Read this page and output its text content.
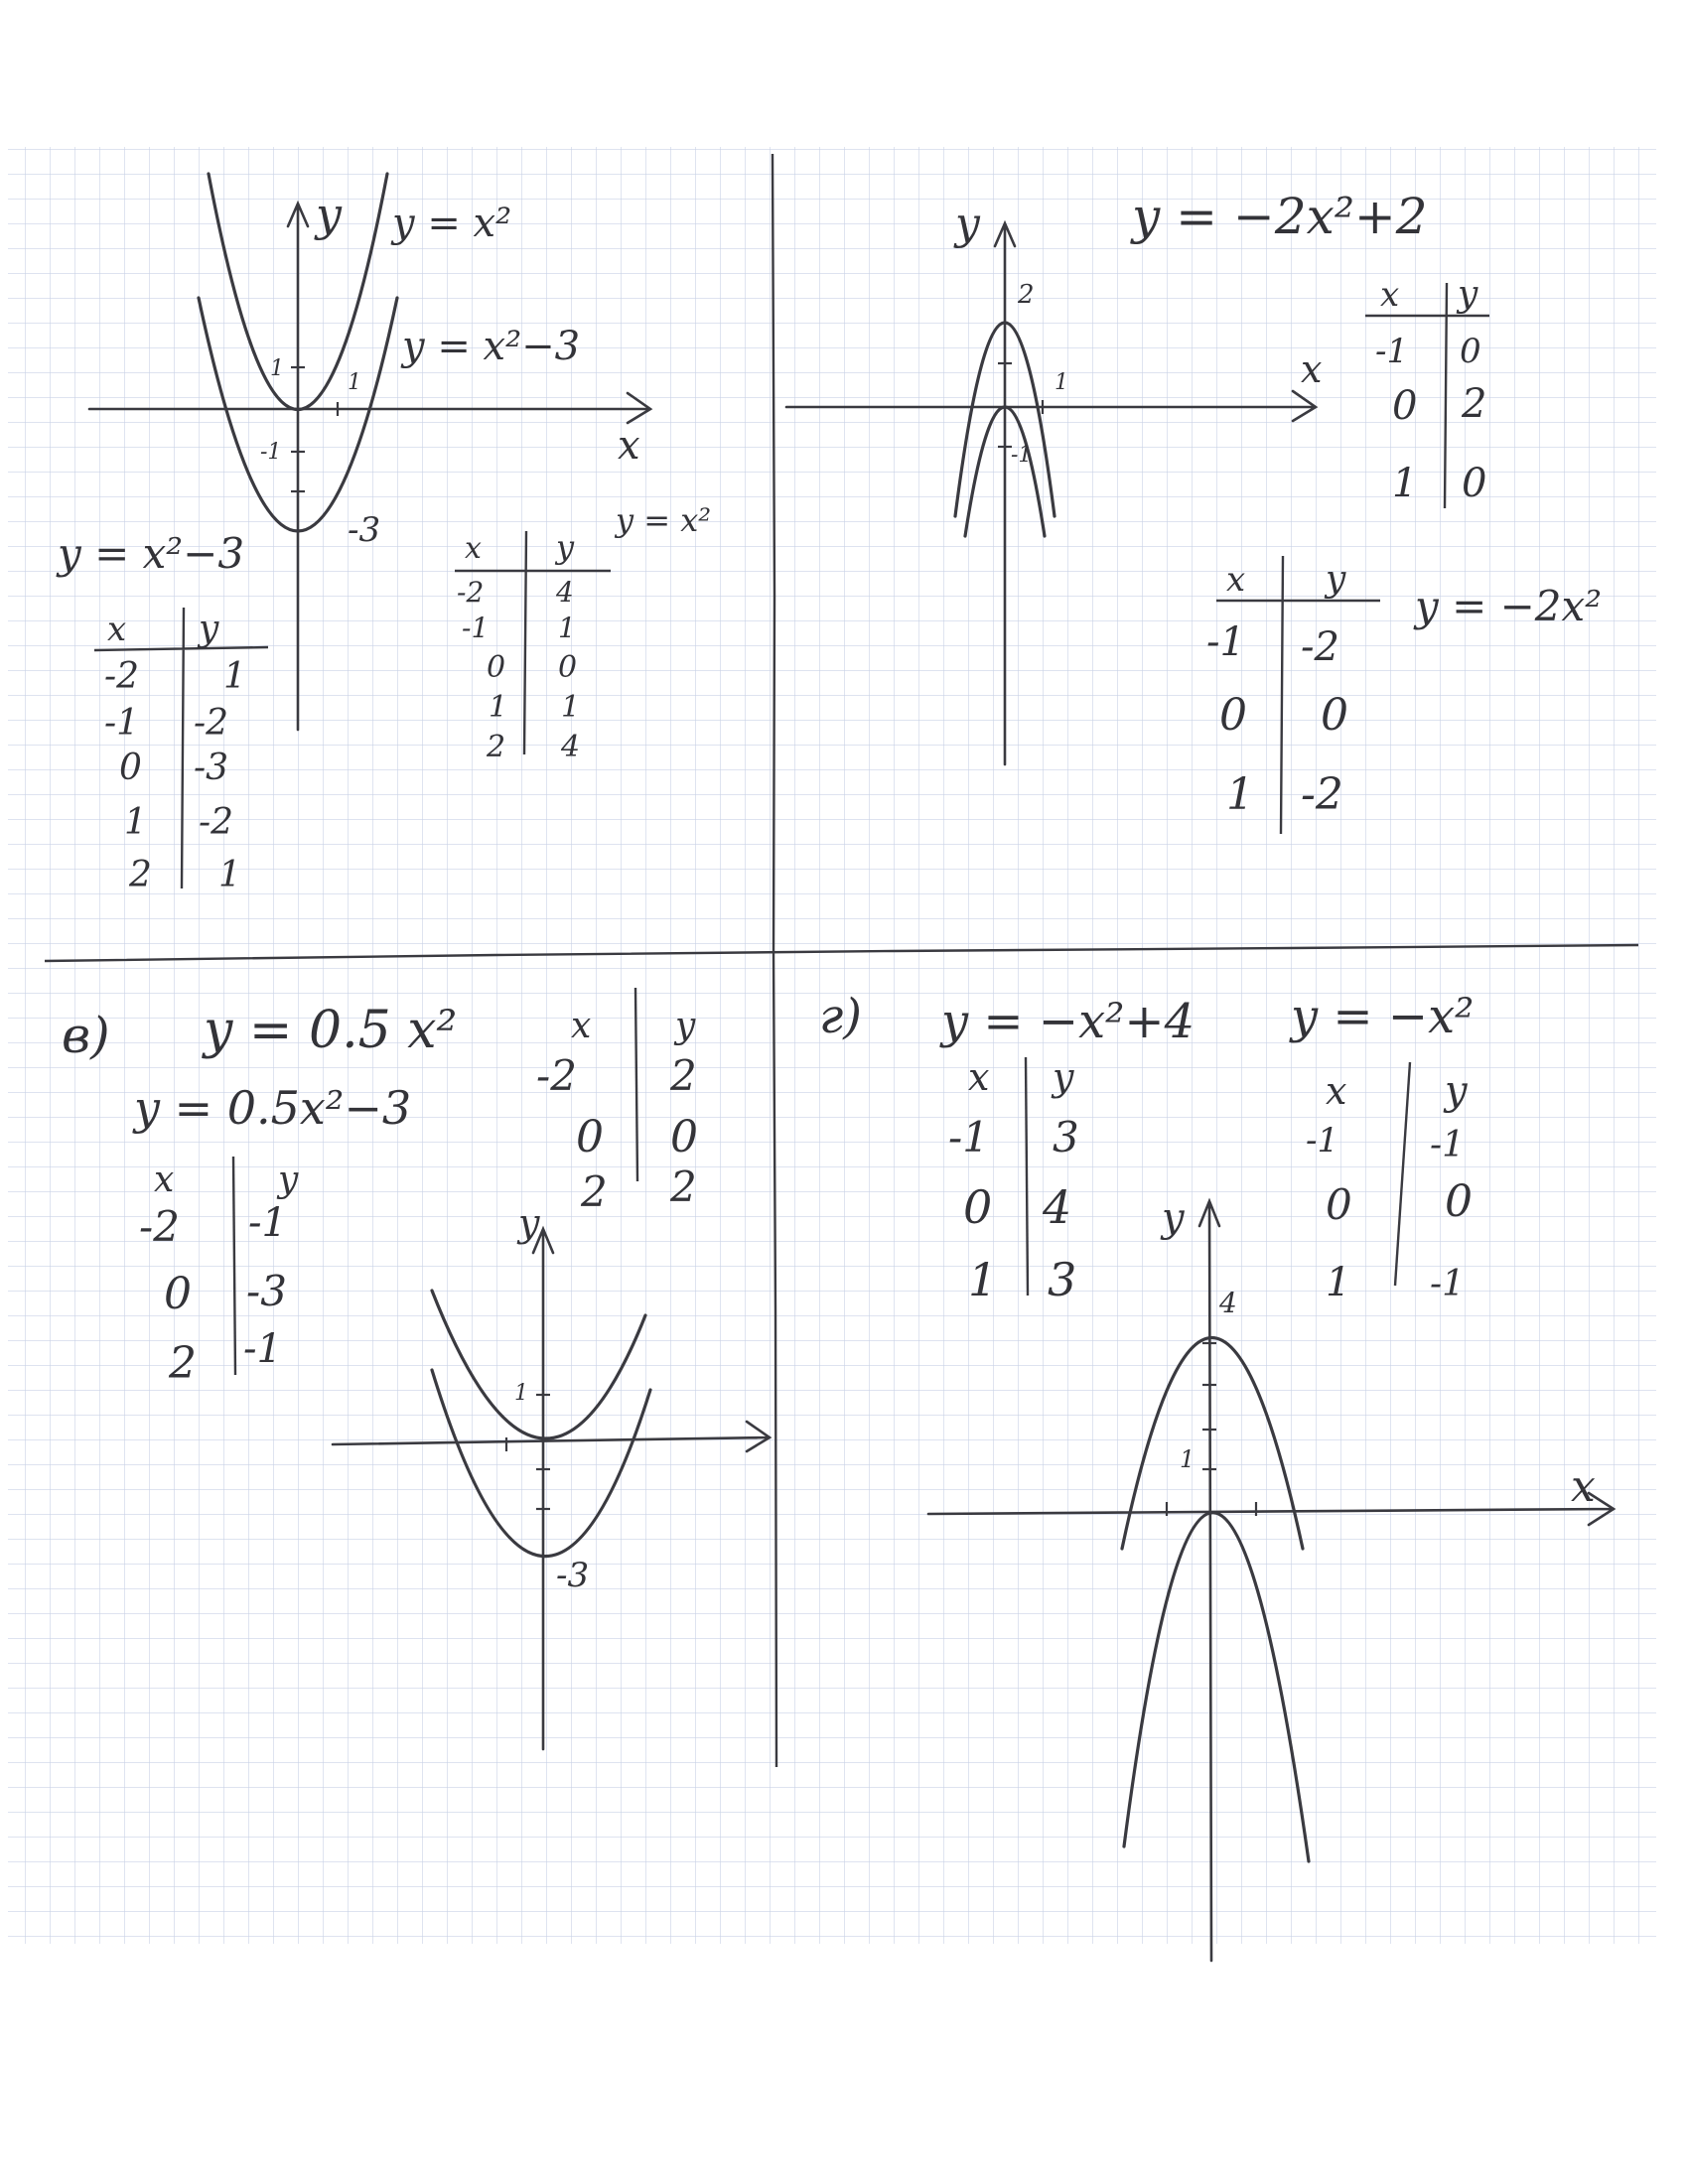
y
x
1
-1
1
-3
y = x²
y = x²−3
y = x²−3
x y
-2 1
-1 -2
0 -3
1 -2
2 1
y = x²
x y
-2	4
-1 1
0 0
1 1
2 4
y = −2x²+2
y
x
2
1
-1
x y
-1 0
0 2
1 0
y = −2x²
x y
-1 -2
0 0
1 -2
в) y = 0.5 x²
y = 0.5x²−3
x	y
-2 -1
0 -3
2 -1
x y
-2 2
0 0
2 2
y
1
-3
г) y = −x²+4 y = −x²
x y
-1 3
0 4
1 3
x y
-1	-1
0 0
1 -1
y
x
4
1
